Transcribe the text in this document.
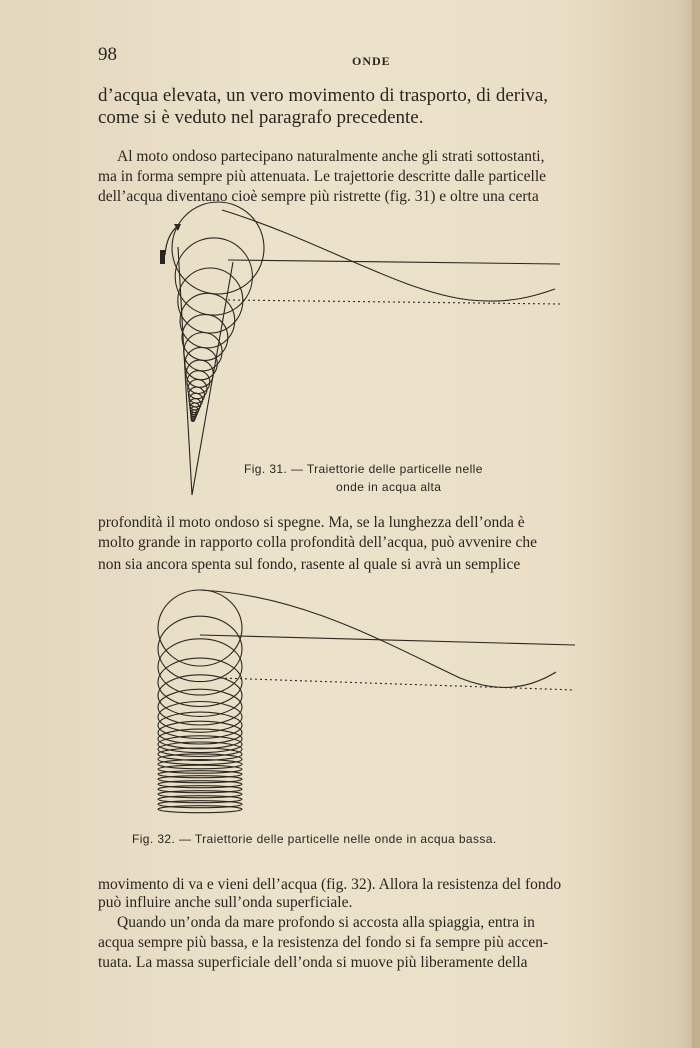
98	ONDE
d’acqua elevata, un vero movimento di trasporto, di deriva,
come si è veduto nel paragrafo precedente.
Al moto ondoso partecipano naturalmente anche gli strati sottostanti,
ma in forma sempre più attenuata. Le trajettorie descritte dalle particelle
dell’acqua diventano cioè sempre più ristrette (fig. 31) e oltre una certa
Fig. 31. — Traiettorie delle particelle nelle
onde in acqua alta
profondità il moto ondoso si spegne. Ma, se la lunghezza dell’onda è
molto grande in rapporto colla profondità dell’acqua, può avvenire che
non sia ancora spenta sul fondo, rasente al quale si avrà un semplice
Fig. 32. — Traiettorie delle particelle nelle onde in acqua bassa.
movimento di va e vieni dell’acqua (fig. 32). Allora la resistenza del fondo
può influire anche sull’onda superficiale.
Quando un’onda da mare profondo si accosta alla spiaggia, entra in
acqua sempre più bassa, e la resistenza del fondo si fa sempre più accen-
tuata. La massa superficiale dell’onda si muove più liberamente della
